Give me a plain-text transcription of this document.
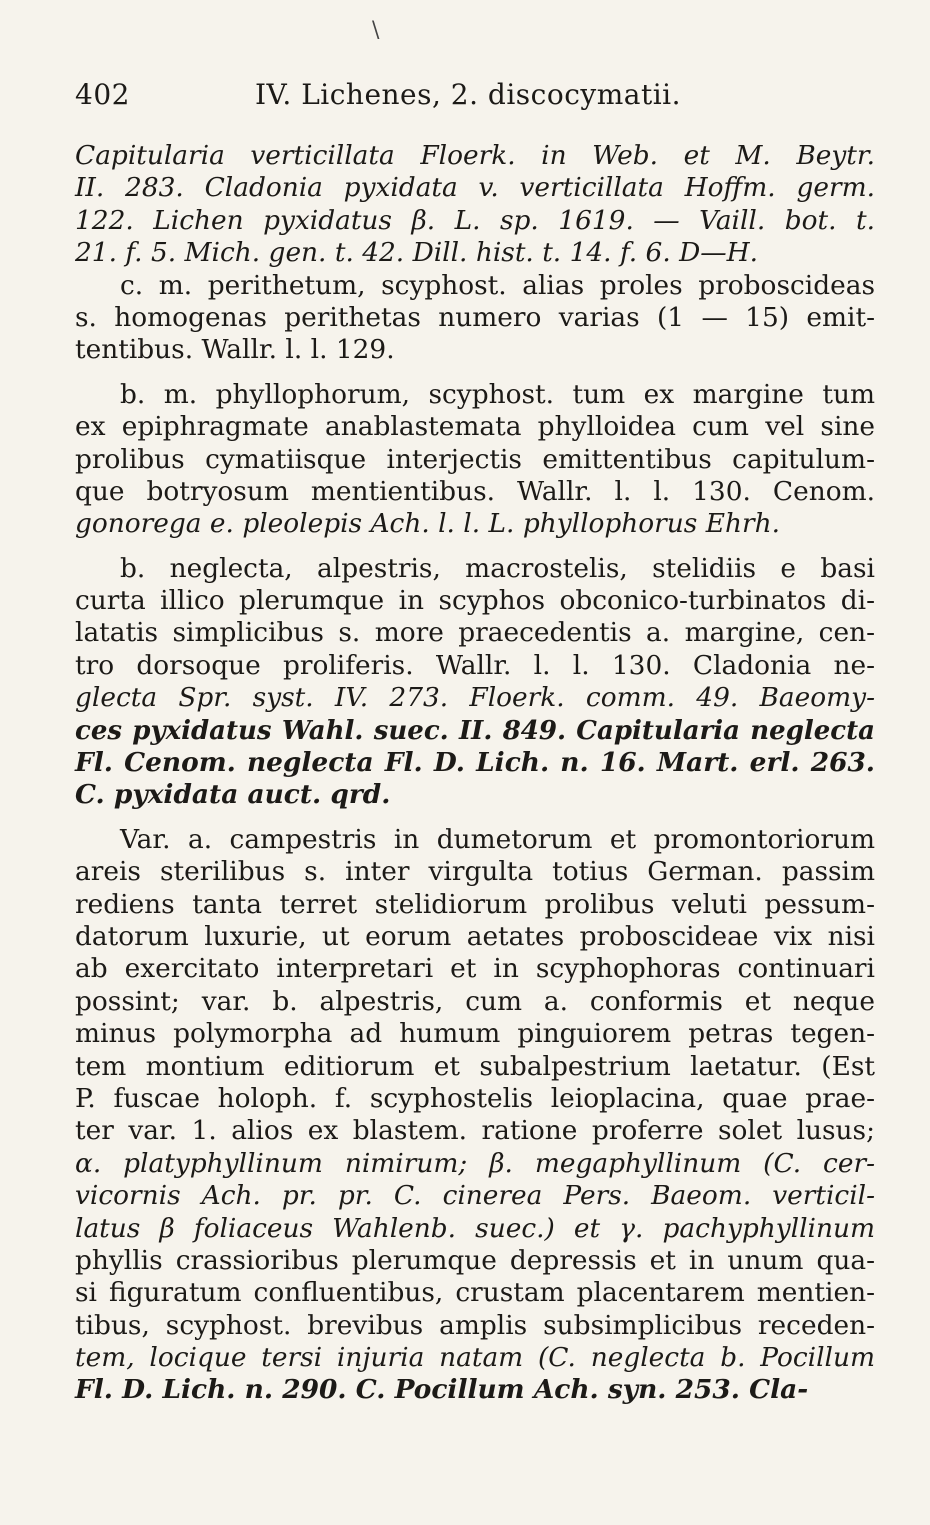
\
402	IV. Lichenes, 2. discocymatii.
Capitularia verticillata Floerk. in Web. et M. Beytr.
II. 283. Cladonia pyxidata v. verticillata Hoffm. germ.
122. Lichen pyxidatus β. L. sp. 1619. — Vaill. bot. t.
21. f. 5. Mich. gen. t. 42. Dill. hist. t. 14. f. 6. D—H.
c. m. perithetum, scyphost. alias proles proboscideas
s. homogenas perithetas numero varias (1 — 15) emit-
tentibus. Wallr. l. l. 129.
b. m. phyllophorum, scyphost. tum ex margine tum
ex epiphragmate anablastemata phylloidea cum vel sine
prolibus cymatiisque interjectis emittentibus capitulum-
que botryosum mentientibus. Wallr. l. l. 130. Cenom.
gonorega e. pleolepis Ach. l. l. L. phyllophorus Ehrh.
b. neglecta, alpestris, macrostelis, stelidiis e basi
curta illico plerumque in scyphos obconico-turbinatos di-
latatis simplicibus s. more praecedentis a. margine, cen-
tro dorsoque proliferis. Wallr. l. l. 130. Cladonia ne-
glecta Spr. syst. IV. 273. Floerk. comm. 49. Baeomy-
ces pyxidatus Wahl. suec. II. 849. Capitularia neglecta
Fl. Cenom. neglecta Fl. D. Lich. n. 16. Mart. erl. 263.
C. pyxidata auct. qrd.
Var. a. campestris in dumetorum et promontoriorum
areis sterilibus s. inter virgulta totius German. passim
rediens tanta terret stelidiorum prolibus veluti pessum-
datorum luxurie, ut eorum aetates proboscideae vix nisi
ab exercitato interpretari et in scyphophoras continuari
possint; var. b. alpestris, cum a. conformis et neque
minus polymorpha ad humum pinguiorem petras tegen-
tem montium editiorum et subalpestrium laetatur. (Est
P. fuscae holoph. f. scyphostelis leioplacina, quae prae-
ter var. 1. alios ex blastem. ratione proferre solet lusus;
α. platyphyllinum nimirum; β. megaphyllinum (C. cer-
vicornis Ach. pr. pr. C. cinerea Pers. Baeom. verticil-
latus β foliaceus Wahlenb. suec.) et γ. pachyphyllinum
phyllis crassioribus plerumque depressis et in unum qua-
si figuratum confluentibus, crustam placentarem mentien-
tibus, scyphost. brevibus amplis subsimplicibus receden-
tem, locique tersi injuria natam (C. neglecta b. Pocillum
Fl. D. Lich. n. 290. C. Pocillum Ach. syn. 253. Cla-
